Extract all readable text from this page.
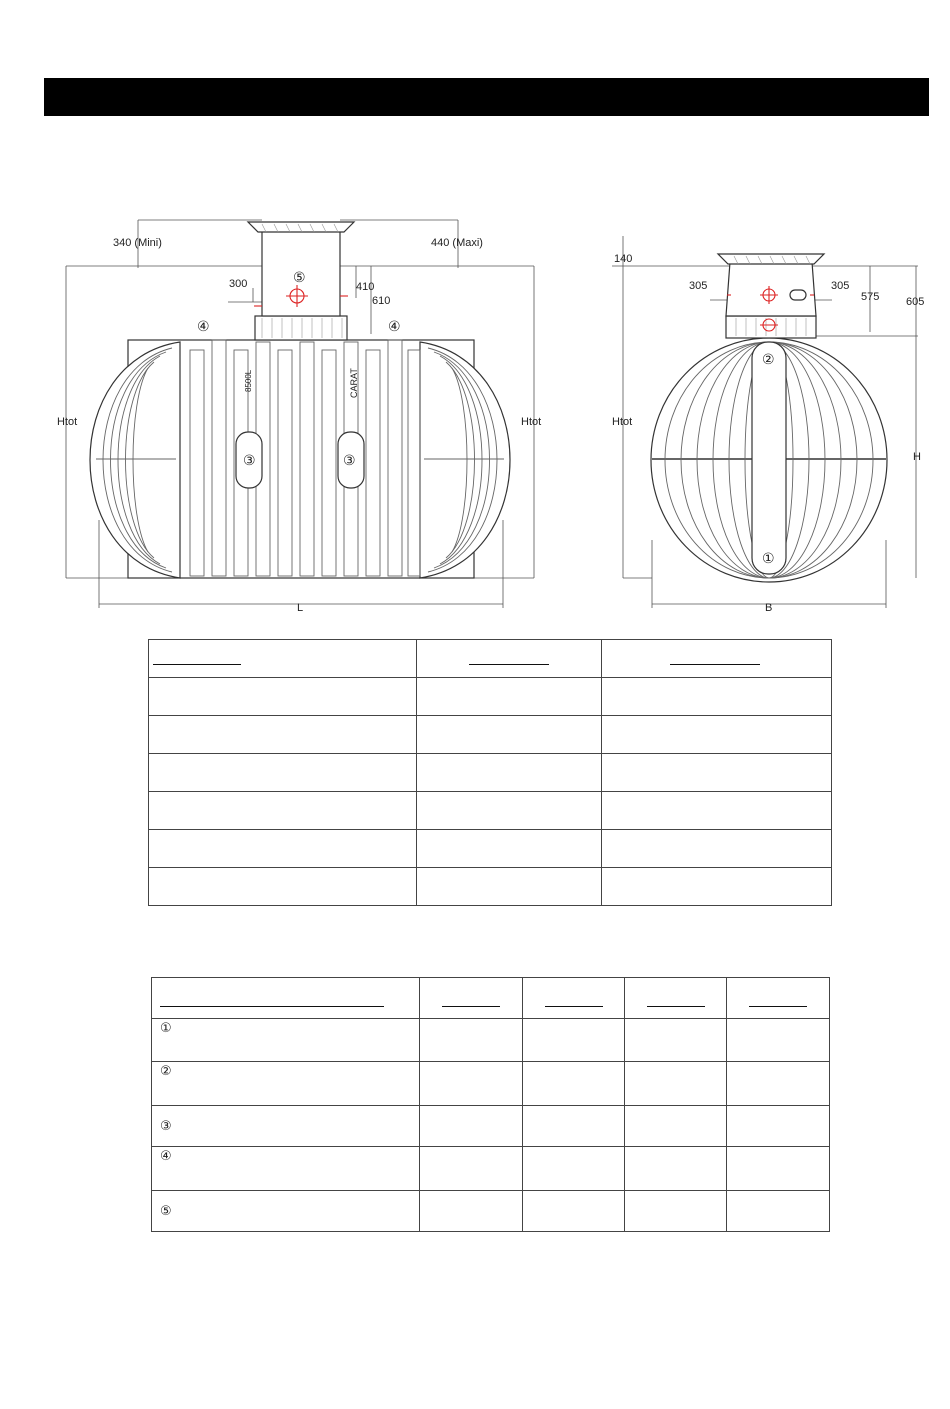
340 (Mini)	440 (Maxi)
300	410
610
Htot	Htot
L
⑤
④	④
③	③
8500L	CARAT
140
305	305
575 605
Htot
H
B
②
①

①				
②				
③				
④				
⑤				
